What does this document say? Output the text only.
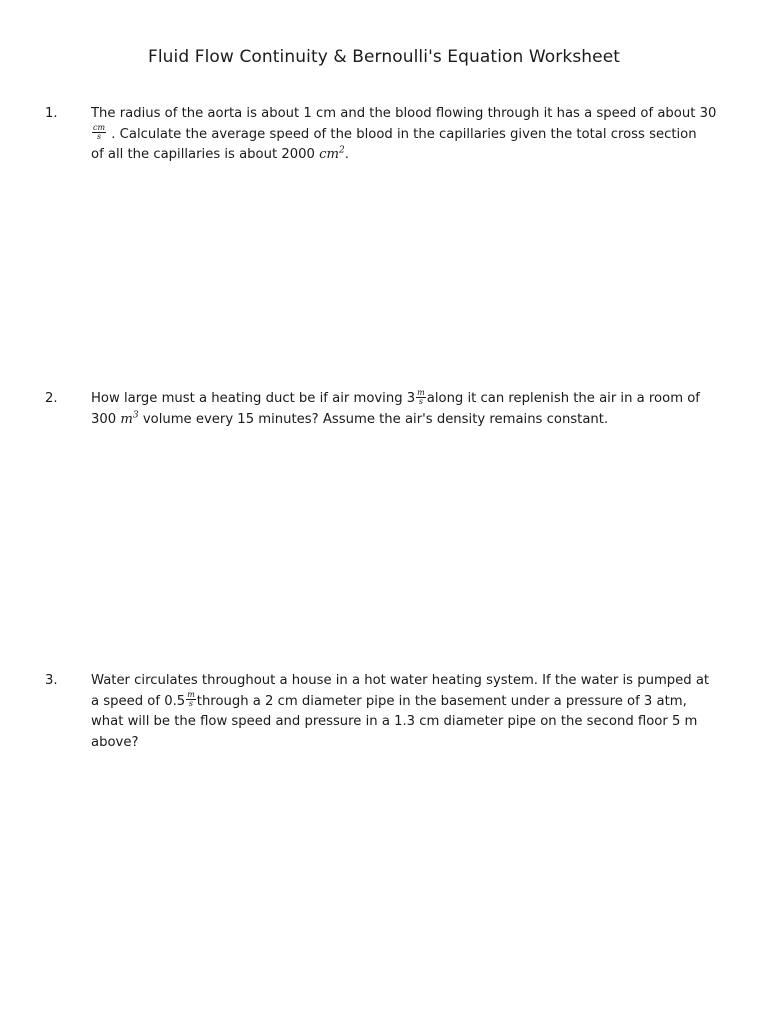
Fluid Flow Continuity & Bernoulli's Equation Worksheet
1.	The radius of the aorta is about 1 cm and the blood flowing through it has a speed of about 30
$\frac{cm}{s}$ . Calculate the average speed of the blood in the capillaries given the total cross section
of all the capillaries is about 2000 $cm^2$.
2.	How large must a heating duct be if air moving $3 \frac{m}{s}$ along it can replenish the air in a room of
300 $m^3$ volume every 15 minutes? Assume the air's density remains constant.
3.	Water circulates throughout a house in a hot water heating system. If the water is pumped at
a speed of $0.5 \frac{m}{s}$ through a 2 cm diameter pipe in the basement under a pressure of 3 atm,
what will be the flow speed and pressure in a 1.3 cm diameter pipe on the second floor 5 m
above?
